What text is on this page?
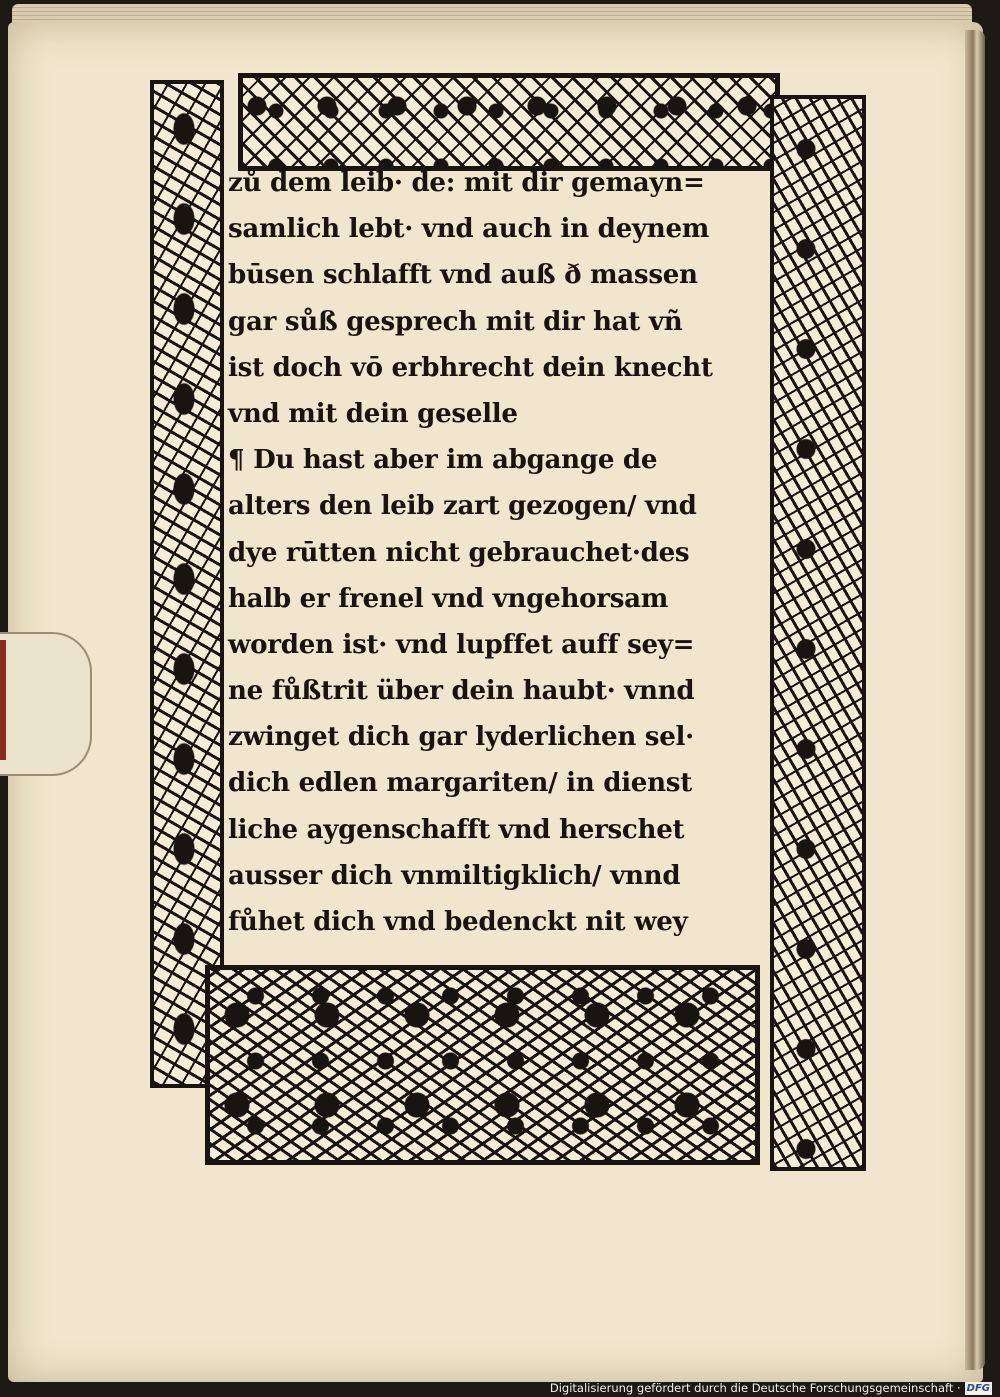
zů dem leib· de: mit dir gemayn=
samlich lebt· vnd auch in deynem
būsen schlafft vnd auß ð massen
gar sůß gesprech mit dir hat vñ
ist doch vō erbhrecht dein knecht
vnd mit dein geselle
¶ Du hast aber im abgange de
alters den leib zart gezogen/ vnd
dye rūtten nicht gebrauchet·des
halb er frenel vnd vngehorsam
worden ist· vnd lupffet auff sey=
ne fůßtrit über dein haubt· vnnd
zwinget dich gar lyderlichen sel·
dich edlen margariten/ in dienst
liche aygenschafft vnd herschet
ausser dich vnmiltigklich/ vnnd
fůhet dich vnd bedenckt nit wey
Digitalisierung gefördert durch die Deutsche Forschungsgemeinschaft · DFG
